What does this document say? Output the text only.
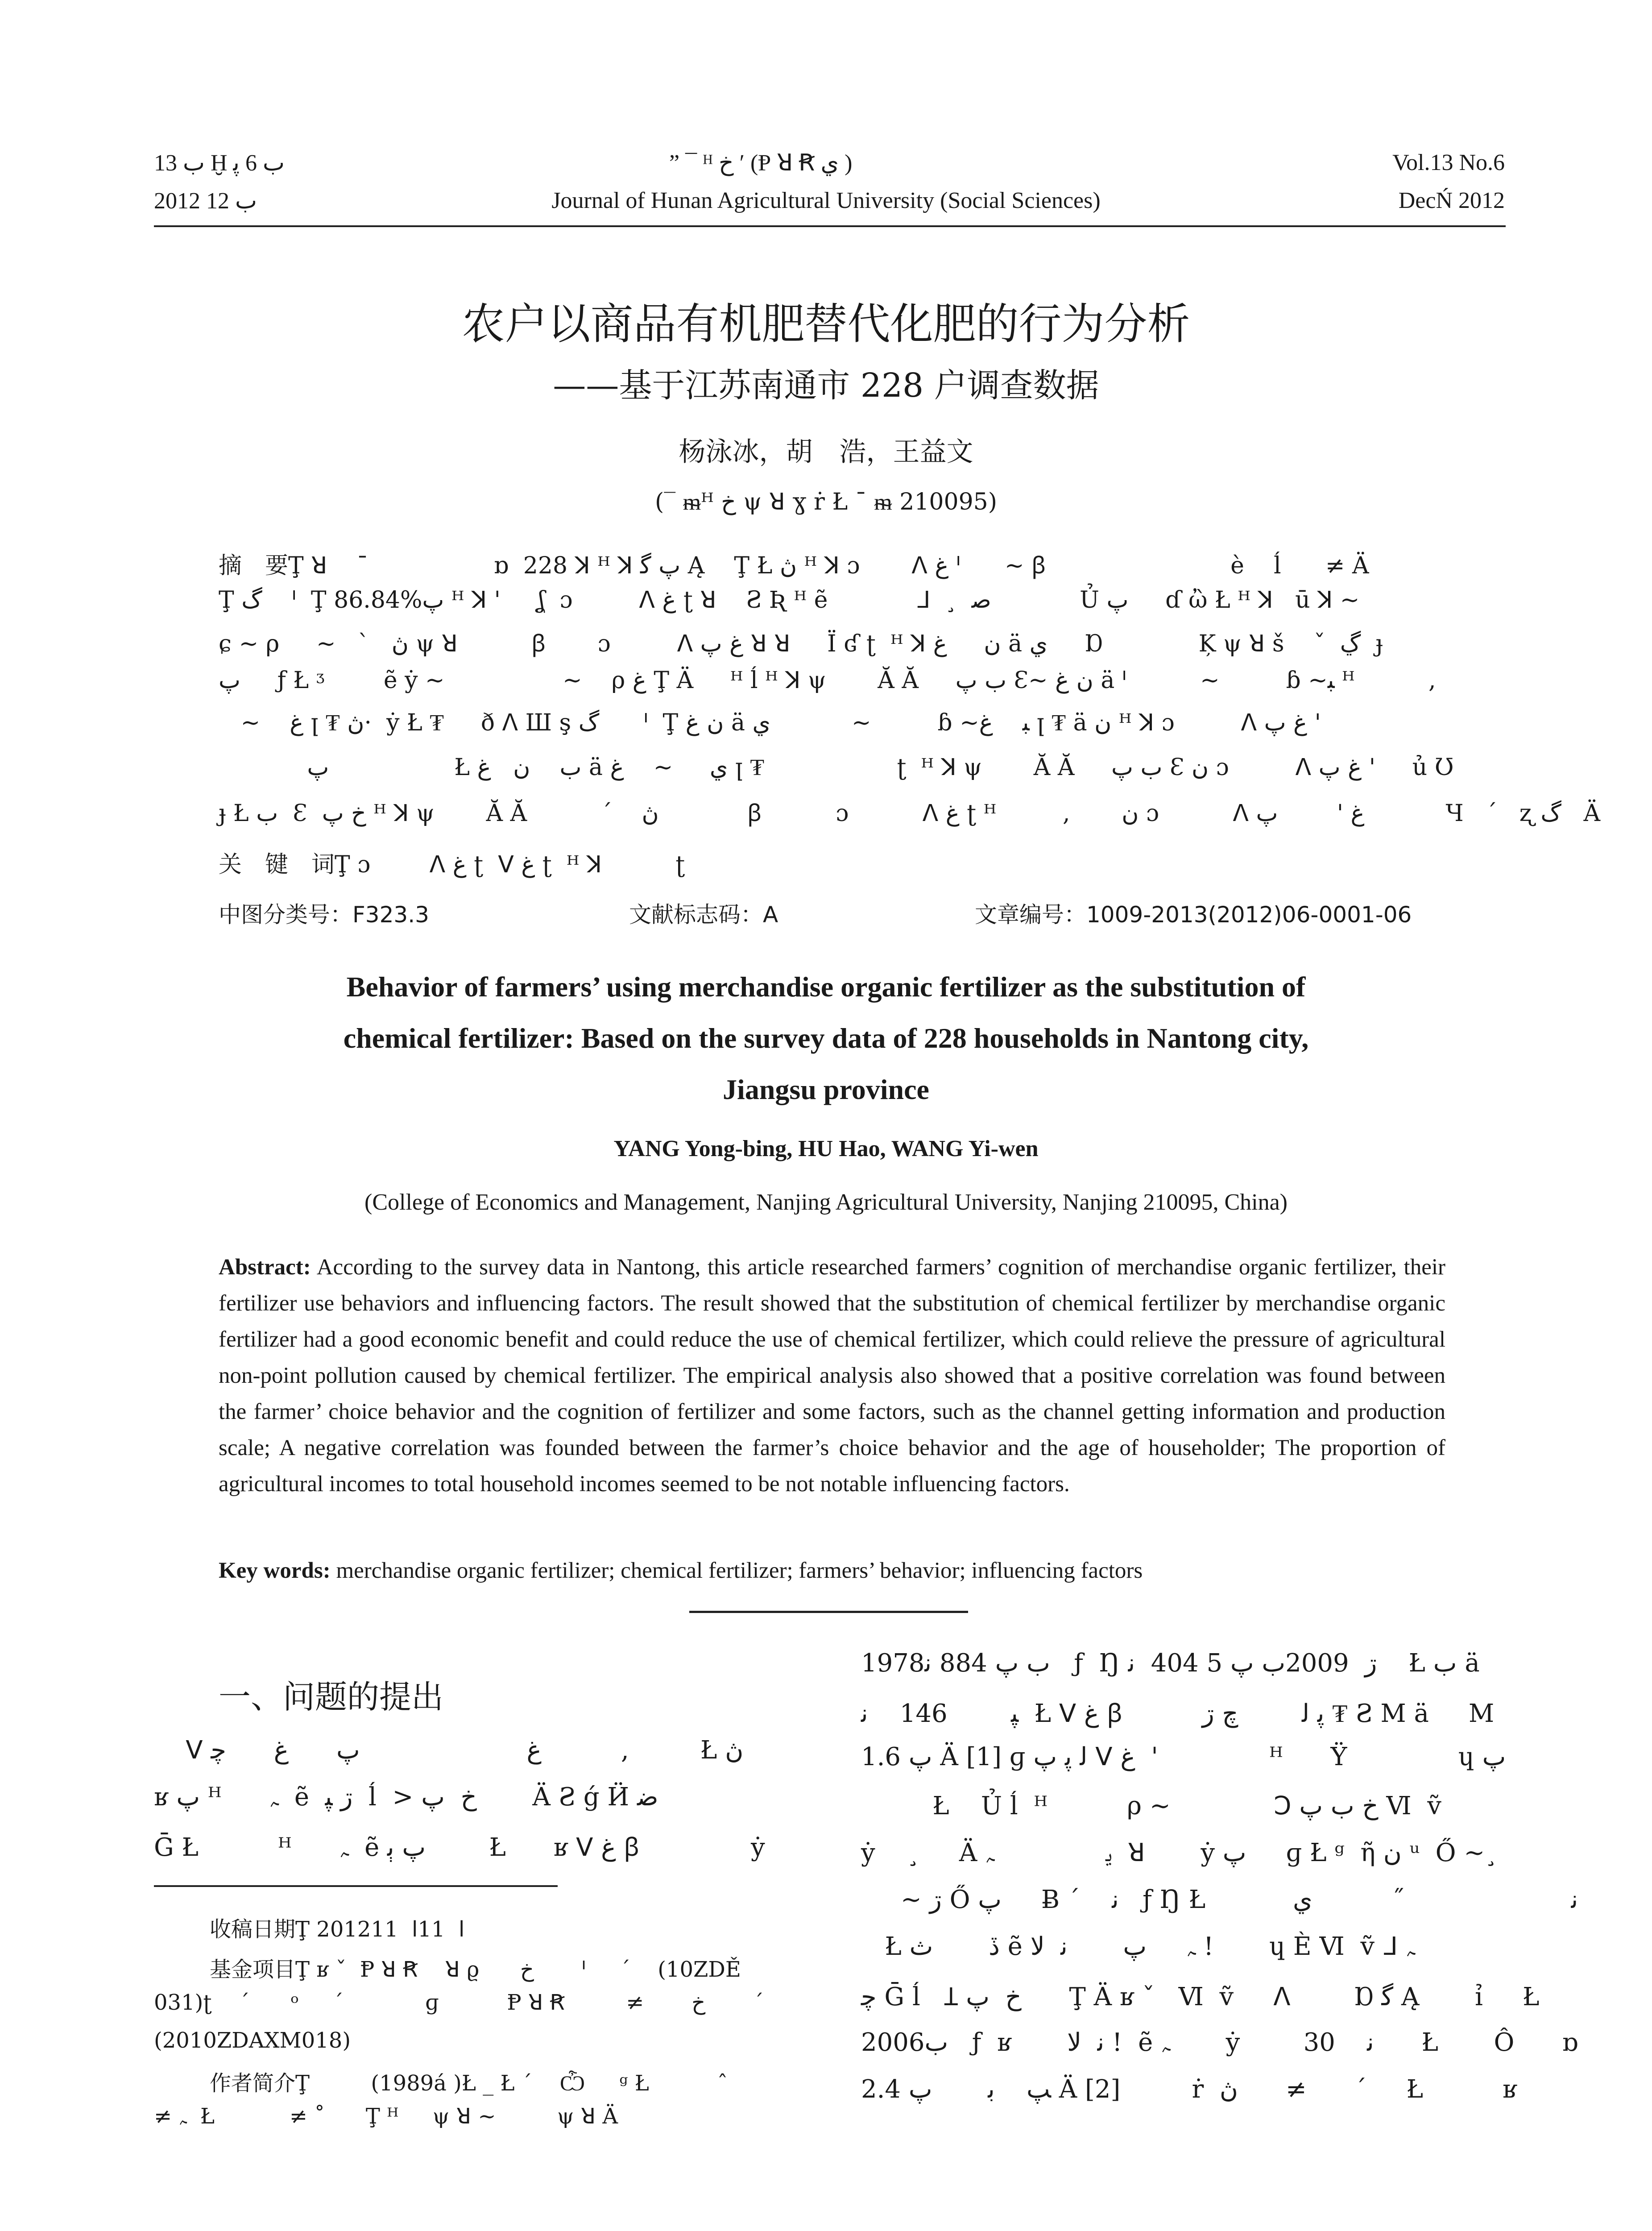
ب 13 Ḫ ب 6 ﭘ	” ¯ ᴴ خ ʹ (Ᵽ ꓤ Ꞧ ي )	Vol.13 No.6
2012 ب 12	Journal of Hunan Agricultural University (Social Sciences)	DecŃ 2012
农户以商品有机肥替代化肥的行为分析
——基于江苏南通市 228 户调查数据
杨泳冰，胡　浩，王益文
(‾ ᵯᴴ خ ψ ꓤ ɣ ṙ Ł ¯ ᵯ 210095)
摘　要Ţ ꓤ    ¯                 ɒ  228 ꓘ ᴴ ꓘ پ ﮔ Ą    Ţ Ł ڽ ᴴ ꓘ ɔ       ꓥ ﻍ ᑊ      ~ ꞵ                         è    ĺ      ≠ Ä
Ţ ﮒ    ᑊ  Ţ 86.84%پ ᴴ ꓘ '     ʆ  ɔ         ꓥ ﻍ ʈ ꓤ    Ƨ Ʀ ᴴ ẽ            ᒧ  ¸  ﺻ            Ủ پ     ɗ ὢ Ł ᴴ ꓘ   ū ꓘ ~
ɕ ~ ρ     ~   ˋ   ڽ ψ ꓤ          ꞵ       ɔ         ꓥ ﻍ پ ꓤ ꓤ     Ï ʛ ʈ  ᴴ ꓘ ن     ﻍ ä ي     Ɒ             Ķ ψ ꓤ š    ˇ  ڲ  ɟ
پ     ƒ Ł ᶾ        ẽ ẏ ~                ~    ρ ﻍ Ţ Ä     ᴴ ĺ ᴴ ꓘ ψ       Ă Ă     ب پ Ɛ~ ن ﻍ ä ᑊ          ~         ɓ ~ﺒ ᴴ          ,
~    ﻍ ꞁ ₮ ڽ·  ẏ Ł ₮     ð ꓥ Ш ş ﮒ      ᑊ  Ţ ن ﻍ ä ي           ~         ɓ ~ﺒ    ﻍ ꞁ ₮ ä ن ᴴ ꓘ ɔ         ꓥ ﻍ پ '
پ                 Ł ب    ن   ﻍ ä ي     ~    ﻍ ꞁ ₮                  ʈ  ᴴ ꓘ ψ       Ă Ă     ب پ Ɛ ن ɔ         ꓥ ﻍ پ '     ủ Ʊ
ɟ Ł ب  Ɛ  خ پ ᴴ ꓘ ψ       Ă Ă          ˊ    ڽ            ꞵ          ɔ          ꓥ ﻍ ʈ ᴴ         ,       ن ɔ          ꓥ ﻍ '        پ           Ɥ   ˊ   ʐ ﮒ   Ä
关　键　词Ţ ɔ        ꓥ ﻍ ʈ  ꓦ ﻍ ʈ  ᴴ ꓘ          ʈ
中图分类号：F323.3	文献标志码：A	文章编号：1009-2013(2012)06-0001-06
Behavior of farmers’ using merchandise organic fertilizer as the substitution of
chemical fertilizer: Based on the survey data of 228 households in Nantong city,
Jiangsu province
YANG Yong-bing, HU Hao, WANG Yi-wen
(College of Economics and Management, Nanjing Agricultural University, Nanjing 210095, China)
Abstract: According to the survey data in Nantong, this article researched farmers’ cognition of merchandise organic fertilizer, their fertilizer use behaviors and influencing factors. The result showed that the substitution of chemical fertilizer by merchandise organic fertilizer had a good economic benefit and could reduce the use of chemical fertilizer, which could relieve the pressure of agricultural non-point pollution caused by chemical fertilizer. The empirical analysis also showed that a positive correlation was found between the farmer’ choice behavior and the cognition of fertilizer and some factors, such as the channel getting information and production scale; A negative correlation was founded between the farmer’s choice behavior and the age of householder; The proportion of agricultural incomes to total household incomes seemed to be not notable influencing factors.
Key words: merchandise organic fertilizer; chemical fertilizer; farmers’ behavior; influencing factors
一、问题的提出
ꓦ ﻍ                     پ      ﻍ      ﭼ          ,         Ł ڽ
ʁ پ ᴴ      ﮧ  ẽ  ڗ ﭙ  ĺ  > خ  پ       Ä Ƨ ǵ Ӥ ﺿ
Ḡ Ł          ᴴ      ﮧ  ẽ پ ﭔ        Ł      ʁ ꓦ ﻍ ꞵ              ẏ
收稿日期Ţ 2012ﺍ  11ﺍ  11
基金项目Ţ ʁ ˇ  Ᵽ ꓤ Ꞧ    ꓤ ϱ      خ       ᑊ     ˊ    (10ZDĚ
031)ʈ    ˊ      ᵒ     ˊ            ɡ          Ᵽ ꓤ Ꞧ         ≠       خ       ˊ
(2010ZDAXM018)
作者简介Ţ         (1989á )Ł _ Ł ˊ    Ѽ     ᵍ Ł          ˆ
≠ ﮧ  Ł           ≠ ˚      Ţ ᴴ     ψ ꓤ ~         ψ ꓤ Ä
1978ب پ 884 ﻧ   ƒ  Ŋ ڗ  2009ب پ 5 404  ﻧ    Ł ب ä
ﭙ        146    ﻧ  Ł ꓦ ﻍ ꞵ          ﭘ ﻟ        ﭺ ڗ ₮ Ƨ Ⅿ ä     Ⅿ
پ 1.6 Ä [1] ɡ ﻟ ﭘ پ ꓦ ﻍ  '              ᴴ      Ÿ              ɥ پ
Ł    Ủ ĺ  ᴴ          ρ ~             ꓛ خ ب پ Ⅵ  ṽ
ẏ    ¸     Ä ﻳ              ﮧ  ꓤ       ẏ پ     ɡ Ł ᵍ  ῆ ن ᵘ  Ő ~¸
~ ڗ Ő پ     Ƀ ˊ    ﻧ   ƒ Ŋ Ł           ﻧ                     ˝          ي
Ł ڏ       ث ẽ ﮧ     پ       ﻧ  ﻻ !       ɥ È Ⅵ  ṽ ᒧ ﮧ
ﭼ Ḡ ĺ   Ʇ خ  پ      Ţ Ä ʁ ˇ   Ⅵ  ṽ     ꓥ        Ɒ ﮔ Ą       ỉ     Ł
2006ب   ƒ  ʁ       ﻧ  ﻻ !  ẽ ﮧ       ẏ        30    ﻧ      Ł       Ô      ɒ
ﭗ    ﺑ       پ 2.4 Ä [2]         ṙ  ڽ      ≠      ˊ     Ł          ʁ
